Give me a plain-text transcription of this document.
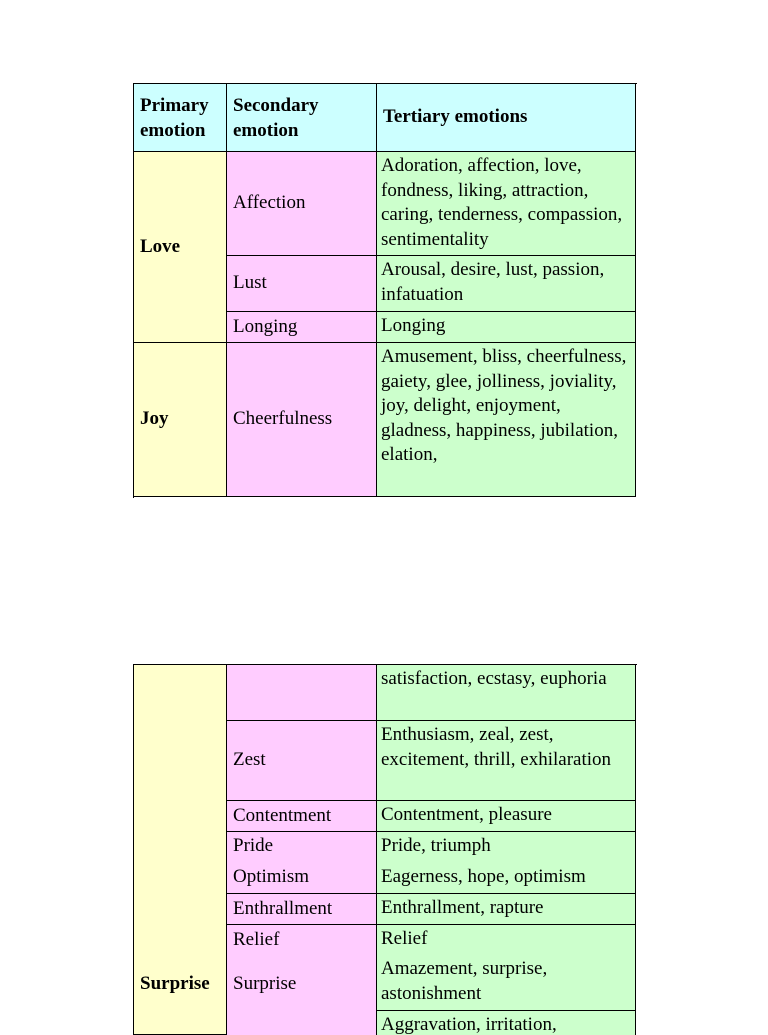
Primary emotion
Secondary emotion
Tertiary emotions
Love
Joy
Affection
Lust
Longing
Cheerfulness
Adoration, affection, love, fondness, liking, attraction, caring, tenderness, compassion, sentimentality
Arousal, desire, lust, passion, infatuation
Longing
Amusement, bliss, cheerfulness, gaiety, glee, jolliness, joviality, joy, delight, enjoyment, gladness, happiness, jubilation, elation,
Surprise
Zest
Contentment
Pride
Optimism
Enthrallment
Relief
Surprise
satisfaction, ecstasy, euphoria
Enthusiasm, zeal, zest, excitement, thrill, exhilaration
Contentment, pleasure
Pride, triumph
Eagerness, hope, optimism
Enthrallment, rapture
Relief
Amazement, surprise, astonishment
Aggravation, irritation,
